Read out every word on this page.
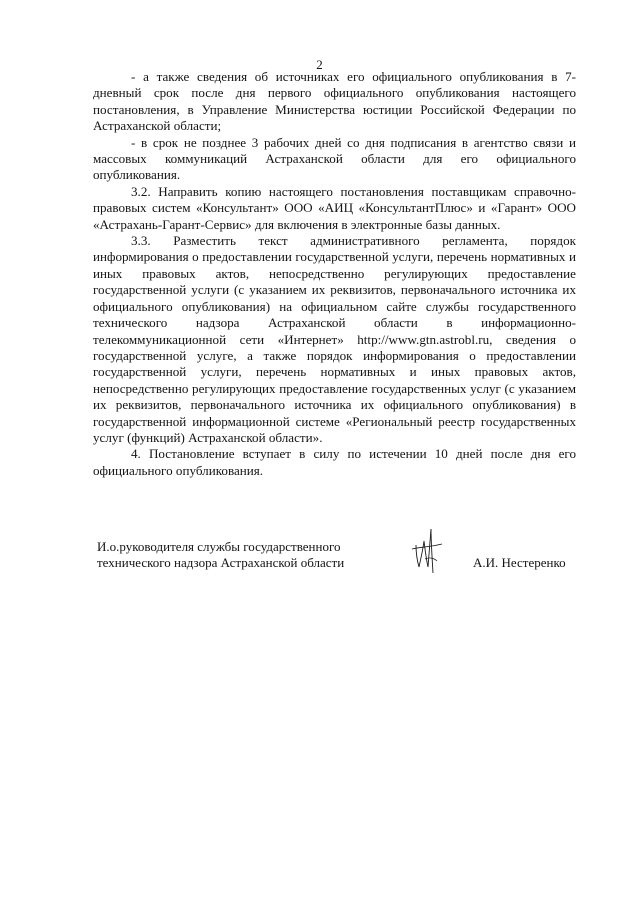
2

- а также сведения об источниках его официального опубликования в 7-дневный срок после дня первого официального опубликования настоящего постановления, в Управление Министерства юстиции Российской Федерации по Астраханской области;

- в срок не позднее 3 рабочих дней со дня подписания в агентство связи и массовых коммуникаций Астраханской области для его официального опубликования.

3.2. Направить копию настоящего постановления поставщикам справочно-правовых систем «Консультант» ООО «АИЦ «КонсультантПлюс» и «Гарант» ООО «Астрахань-Гарант-Сервис» для включения в электронные базы данных.

3.3. Разместить текст административного регламента, порядок информирования о предоставлении государственной услуги, перечень нормативных и иных правовых актов, непосредственно регулирующих предоставление государственной услуги (с указанием их реквизитов, первоначального источника их официального опубликования) на официальном сайте службы государственного технического надзора Астраханской области в информационно-телекоммуникационной сети «Интернет» http://www.gtn.astrobl.ru, сведения о государственной услуге, а также порядок информирования о предоставлении государственной услуги, перечень нормативных и иных правовых актов, непосредственно регулирующих предоставление государственных услуг (с указанием их реквизитов, первоначального источника их официального опубликования) в государственной информационной системе «Региональный реестр государственных услуг (функций) Астраханской области».

4. Постановление вступает в силу по истечении 10 дней после дня его официального опубликования.

И.о.руководителя службы государственного
технического надзора Астраханской области	А.И. Нестеренко
